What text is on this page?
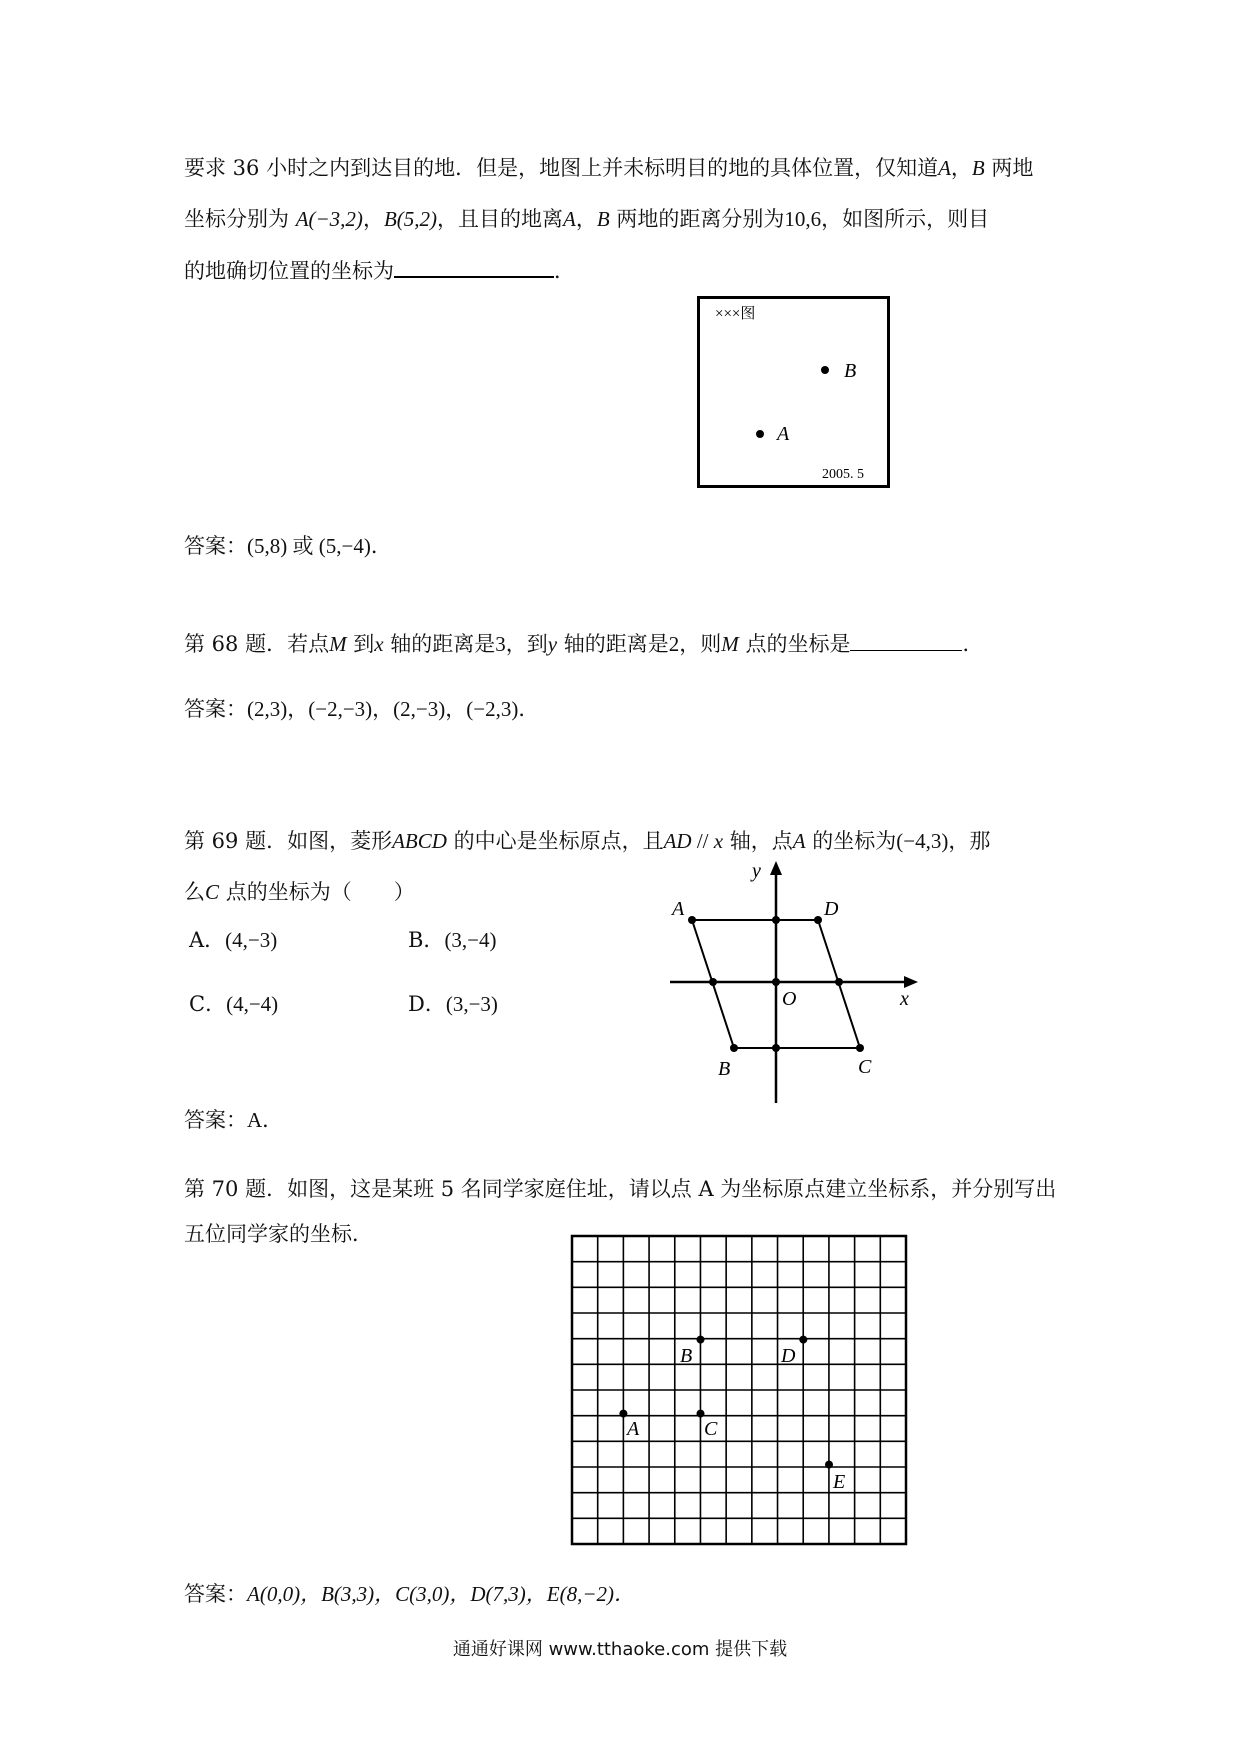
要求 36 小时之内到达目的地．但是，地图上并未标明目的地的具体位置，仅知道A，B 两地
坐标分别为 A(−3,2)，B(5,2)，且目的地离A，B 两地的距离分别为10,6，如图所示，则目
的地确切位置的坐标为	．
×××图
B
A
2005. 5
答案：(5,8) 或 (5,−4)．
第 68 题．若点M 到x 轴的距离是3，到y 轴的距离是2，则M 点的坐标是	．
答案：(2,3)，(−2,−3)，(2,−3)，(−2,3)．
第 69 题．如图，菱形ABCD 的中心是坐标原点，且AD // x 轴，点A 的坐标为(−4,3)，那
么C 点的坐标为（　　）
A．(4,−3)	B．(3,−4)
C．(4,−4)	D．(3,−3)
A	D
C
B
O	x
y
答案：A．
第 70 题．如图，这是某班 5 名同学家庭住址，请以点 A 为坐标原点建立坐标系，并分别写出
五位同学家的坐标．
A
B
C
D
E
答案：A(0,0)，B(3,3)，C(3,0)，D(7,3)，E(8,−2)．
通通好课网 www.tthaoke.com 提供下载
